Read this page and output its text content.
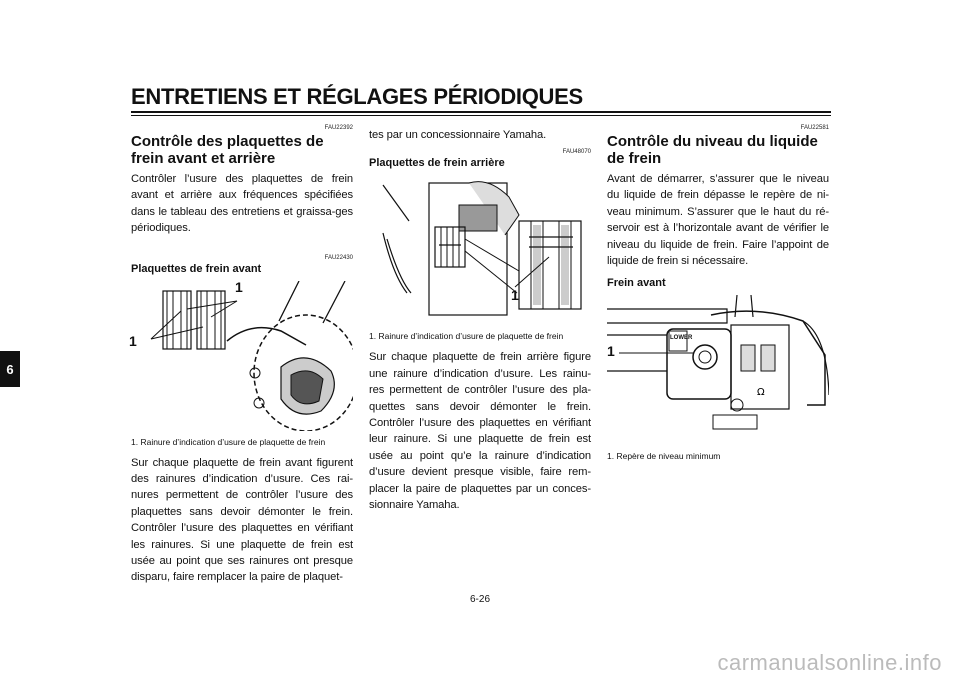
ENTRETIENS ET RÉGLAGES PÉRIODIQUES
6
FAU22392
Contrôle des plaquettes de frein avant et arrière

Contrôler l’usure des plaquettes de frein avant et arrière aux fréquences spécifiées dans le tableau des entretiens et graissa-ges périodiques.

FAU22430
Plaquettes de frein avant
1
1
1. Rainure d’indication d’usure de plaquette de frein

Sur chaque plaquette de frein avant figurent des rainures d’indication d’usure. Ces rai-nures permettent de contrôler l’usure des plaquettes sans devoir démonter le frein. Contrôler l’usure des plaquettes en vérifiant les rainures. Si une plaquette de frein est usée au point que ses rainures ont presque disparu, faire remplacer la paire de plaquet-

tes par un concessionnaire Yamaha.

FAU48070
Plaquettes de frein arrière
1
1. Rainure d’indication d’usure de plaquette de frein

Sur chaque plaquette de frein arrière figure une rainure d’indication d’usure. Les rainu-res permettent de contrôler l’usure des pla-quettes sans devoir démonter le frein. Contrôler l’usure des plaquettes en vérifiant leur rainure. Si une plaquette de frein est usée au point qu’e la rainure d’indication d’usure devient presque visible, faire rem-placer la paire de plaquettes par un conces-sionnaire Yamaha.

FAU22581
Contrôle du niveau du liquide de frein

Avant de démarrer, s’assurer que le niveau du liquide de frein dépasse le repère de ni-veau minimum. S’assurer que le haut du ré-servoir est à l’horizontale avant de vérifier le niveau du liquide de frein. Faire l’appoint de liquide de frein si nécessaire.

Frein avant
Ω
1
LOWER
1. Repère de niveau minimum
6-26
carmanualsonline.info
